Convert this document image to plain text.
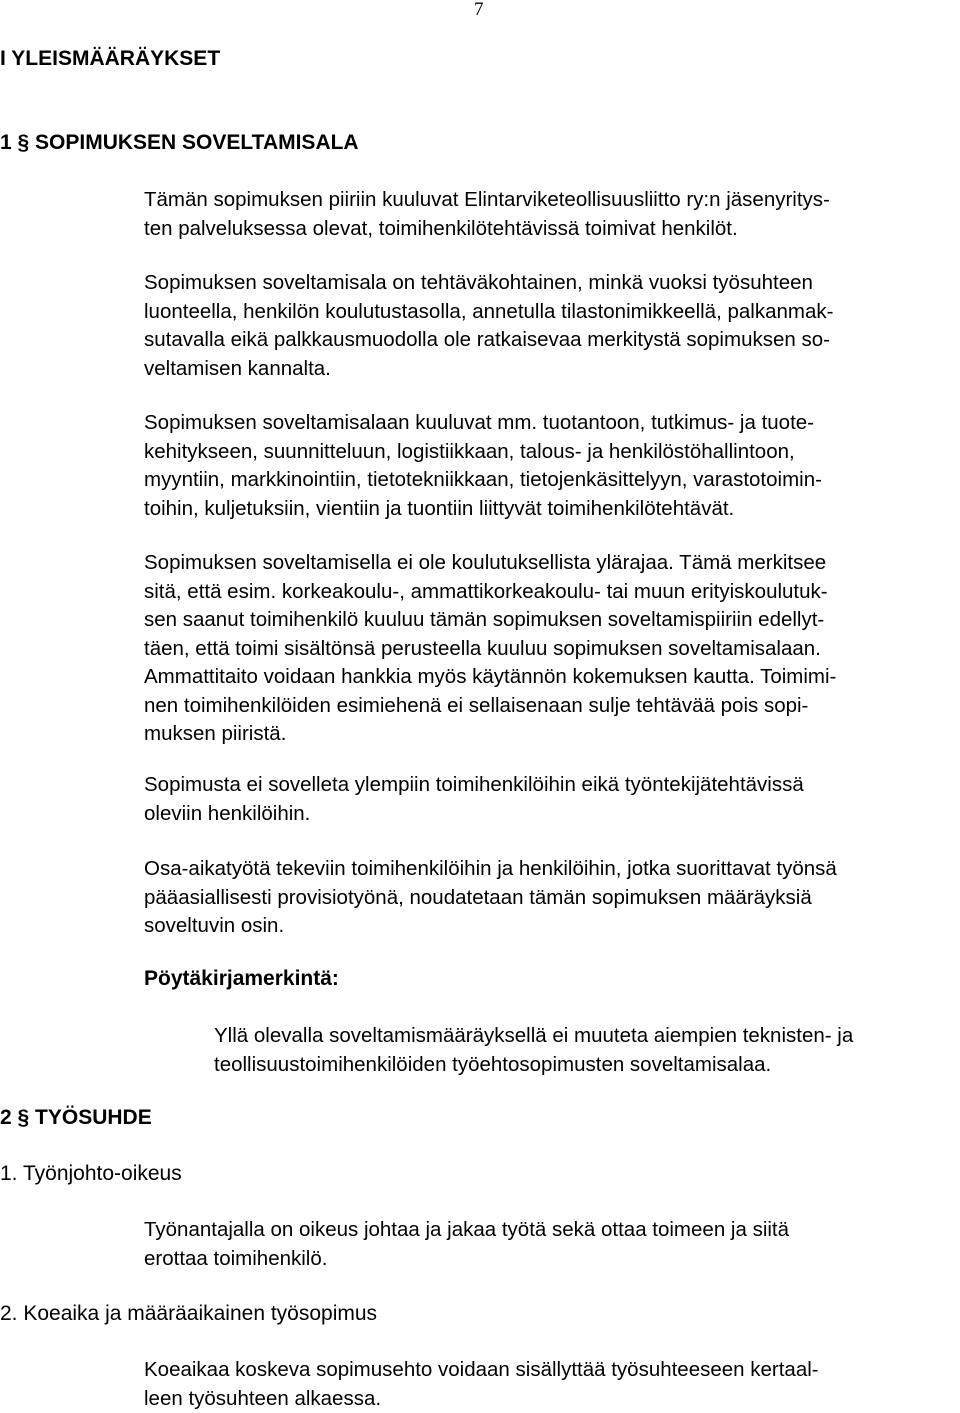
7
I YLEISMÄÄRÄYKSET
1 § SOPIMUKSEN SOVELTAMISALA
Tämän sopimuksen piiriin kuuluvat Elintarviketeollisuusliitto ry:n jäsenyritys-
ten palveluksessa olevat, toimihenkilötehtävissä toimivat henkilöt.
Sopimuksen soveltamisala on tehtäväkohtainen, minkä vuoksi työsuhteen
luonteella, henkilön koulutustasolla, annetulla tilastonimikkeellä, palkanmak-
sutavalla eikä palkkausmuodolla ole ratkaisevaa merkitystä sopimuksen so-
veltamisen kannalta.
Sopimuksen soveltamisalaan kuuluvat mm. tuotantoon, tutkimus- ja tuote-
kehitykseen, suunnitteluun, logistiikkaan, talous- ja henkilöstöhallintoon,
myyntiin, markkinointiin, tietotekniikkaan, tietojenkäsittelyyn, varastotoimin-
toihin, kuljetuksiin, vientiin ja tuontiin liittyvät toimihenkilötehtävät.
Sopimuksen soveltamisella ei ole koulutuksellista ylärajaa. Tämä merkitsee
sitä, että esim. korkeakoulu-, ammattikorkeakoulu- tai muun erityiskoulutuk-
sen saanut toimihenkilö kuuluu tämän sopimuksen soveltamispiiriin edellyt-
täen, että toimi sisältönsä perusteella kuuluu sopimuksen soveltamisalaan.
Ammattitaito voidaan hankkia myös käytännön kokemuksen kautta. Toimimi-
nen toimihenkilöiden esimiehenä ei sellaisenaan sulje tehtävää pois sopi-
muksen piiristä.
Sopimusta ei sovelleta ylempiin toimihenkilöihin eikä työntekijätehtävissä
oleviin henkilöihin.
Osa-aikatyötä tekeviin toimihenkilöihin ja henkilöihin, jotka suorittavat työnsä
pääasiallisesti provisiotyönä, noudatetaan tämän sopimuksen määräyksiä
soveltuvin osin.
Pöytäkirjamerkintä:
Yllä olevalla soveltamismääräyksellä ei muuteta aiempien teknisten- ja
teollisuustoimihenkilöiden työehtosopimusten soveltamisalaa.
2 § TYÖSUHDE
1. Työnjohto-oikeus
Työnantajalla on oikeus johtaa ja jakaa työtä sekä ottaa toimeen ja siitä
erottaa toimihenkilö.
2. Koeaika ja määräaikainen työsopimus
Koeaikaa koskeva sopimusehto voidaan sisällyttää työsuhteeseen kertaal-
leen työsuhteen alkaessa.
